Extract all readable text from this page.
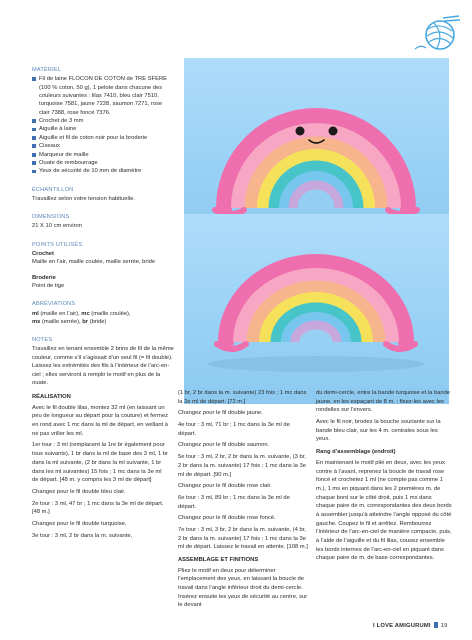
MATÉRIEL
Fil de laine FLOCON DE COTON de TRE SFERE (100 % coton, 50 g), 1 pelote dans chacune des couleurs suivantes : lilas 7410, bleu clair 7510, turquoise 7581, jaune 7228, saumon 7271, rose clair 7388, rose foncé 7376.
Crochet de 3 mm
Aiguille à laine
Aiguille et fil de coton noir pour la broderie
Ciseaux
Marqueur de maille
Ouate de rembourrage
Yeux de sécurité de 10 mm de diamètre
ÉCHANTILLON
Travaillez selon votre tension habituelle.
DIMENSIONS
21 X 10 cm environ
POINTS UTILISÉS
Crochet
Maille en l’air, maille coulée, maille serrée, bride
Broderie
Point de tige
ABRÉVIATIONS
ml (maille en l’air), mc (maille coulée),
ms (maille serrée), br (bride)
NOTES
Travaillez en tenant ensemble 2 brins de fil de la même couleur, comme s’il s’agissait d’un seul fil (= fil double). Laissez les extrémités des fils à l’intérieur de l’arc-en-ciel ; elles serviront à remplir le motif en plus de la ouate.
RÉALISATION

Avec le fil double lilas, montez 32 ml (en laissant un peu de longueur au départ pour la couture) et fermez en rond avec 1 mc dans la ml de départ, en veillant à ne pas vriller les ml.

1er tour : 3 ml (remplacent la 1re br également pour tous suivants), 1 br dans la ml de base des 3 ml, 1 br dans la ml suivante, (2 br dans la ml suivante, 1 br dans les ml suivantes) 15 fois ; 1 mc dans la 3e ml de départ. [48 m. y compris les 3 ml de départ]

Changez pour le fil double bleu clair.

2e tour : 3 ml, 47 br ; 1 mc dans la 3e ml de départ. [48 m.]

Changez pour le fil double turquoise.

3e tour : 3 ml, 2 br dans la m. suivante,

(1 br, 2 br dans la m. suivante) 23 fois ; 1 mc dans la 3e ml de départ. [72 m.]

Changez pour le fil double jaune.

4e tour : 3 ml, 71 br ; 1 mc dans la 3e ml de départ.

Changez pour le fil double saumon.

5e tour : 3 ml, 2 br, 2 br dans la m. suivante, (3 br, 2 br dans la m. suivante) 17 fois ; 1 mc dans la 3e ml de départ. [90 m.]

Changez pour le fil double rose clair.

6e tour : 3 ml, 89 br ; 1 mc dans la 3e ml de départ.

Changez pour le fil double rose foncé.

7e tour : 3 ml, 3 br, 2 br dans la m. suivante, (4 br, 2 br dans la m. suivante) 17 fois ; 1 mc dans la 3e ml de départ. Laissez le travail en attente. [108 m.]

ASSEMBLAGE ET FINITIONS

Pliez le motif en deux pour déterminer l’emplacement des yeux, en laissant la boucle de travail dans l’angle inférieur droit du demi-cercle. Insérez ensuite les yeux de sécurité au centre, sur le devant

du demi-cercle, entre la bande turquoise et la bande jaune, en les espaçant de 8 m. ; fixez-les avec les rondelles sur l’envers.

Avec le fil noir, brodez la bouche souriante sur la bande bleu clair, sur les 4 m. centrales sous les yeux.

Rang d’assemblage (endroit)

En maintenant le motif plié en deux, avec les yeux contre à l’avant, reprenez la boucle de travail rose foncé et crochetez 1 ml (ne compte pas comme 1 m.), 1 ms en piquant dans les 2 premières m. de chaque bord sur le côté droit, puis 1 ms dans chaque paire de m. correspondantes des deux bords à assembler jusqu’à atteindre l’angle opposé du côté gauche. Coupez le fil et arrêtez. Rembourrez l’intérieur de l’arc-en-ciel de manière compacte, puis, à l’aide de l’aiguille et du fil lilas, cousez ensemble les bords internes de l’arc-en-ciel en piquant dans chaque paire de m. de base correspondantes.

I LOVE AMIGURUMI 19
